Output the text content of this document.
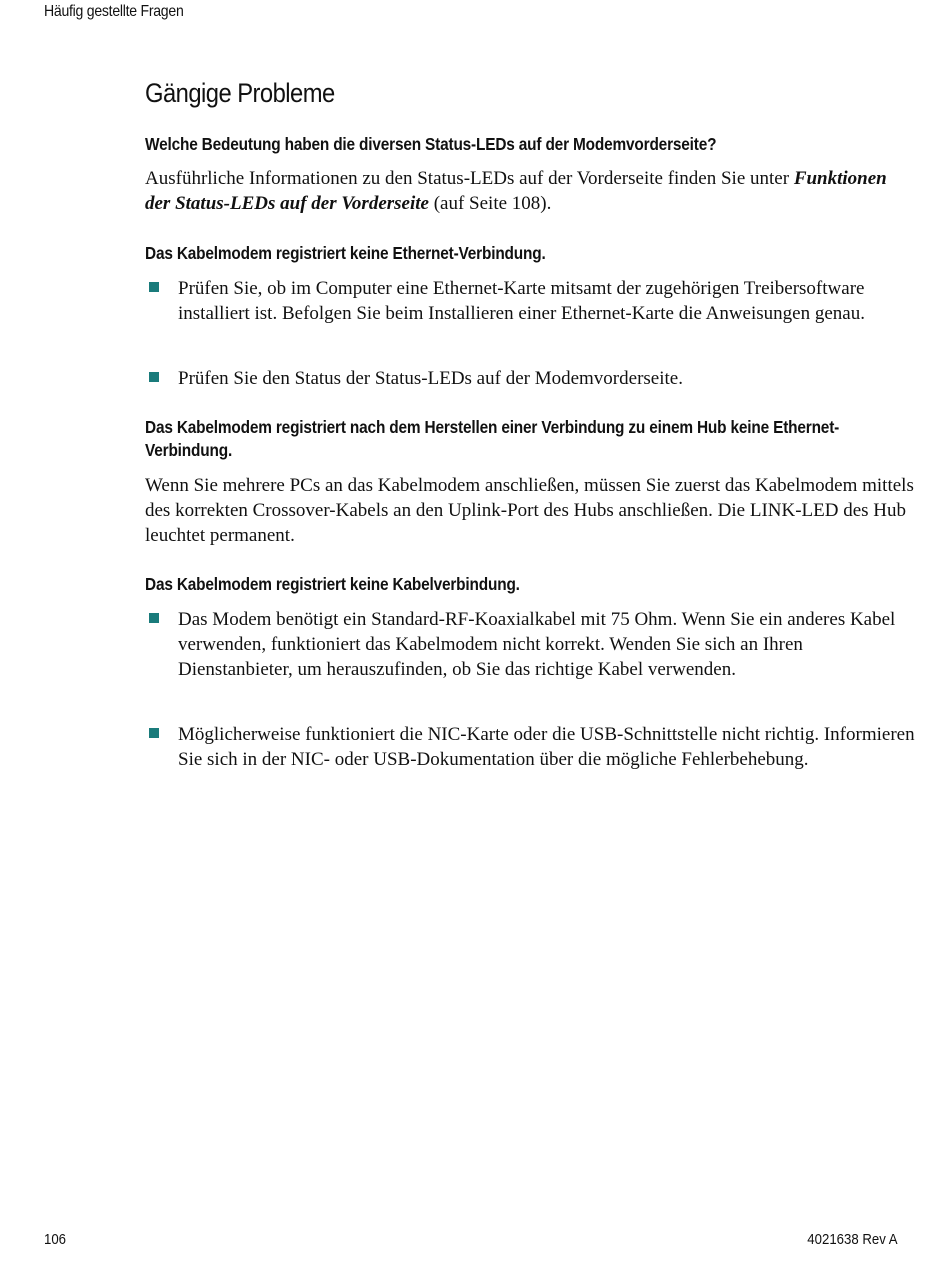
Häufig gestellte Fragen
Gängige Probleme
Welche Bedeutung haben die diversen Status-LEDs auf der Modemvorderseite?
Ausführliche Informationen zu den Status-LEDs auf der Vorderseite finden Sie unter Funktionen der Status-LEDs auf der Vorderseite (auf Seite 108).
Das Kabelmodem registriert keine Ethernet-Verbindung.
Prüfen Sie, ob im Computer eine Ethernet-Karte mitsamt der zugehörigen Treibersoftware installiert ist. Befolgen Sie beim Installieren einer Ethernet-Karte die Anweisungen genau.
Prüfen Sie den Status der Status-LEDs auf der Modemvorderseite.
Das Kabelmodem registriert nach dem Herstellen einer Verbindung zu einem Hub keine Ethernet-Verbindung.
Wenn Sie mehrere PCs an das Kabelmodem anschließen, müssen Sie zuerst das Kabelmodem mittels des korrekten Crossover-Kabels an den Uplink-Port des Hubs anschließen. Die LINK-LED des Hub leuchtet permanent.
Das Kabelmodem registriert keine Kabelverbindung.
Das Modem benötigt ein Standard-RF-Koaxialkabel mit 75 Ohm. Wenn Sie ein anderes Kabel verwenden, funktioniert das Kabelmodem nicht korrekt. Wenden Sie sich an Ihren Dienstanbieter, um herauszufinden, ob Sie das richtige Kabel verwenden.
Möglicherweise funktioniert die NIC-Karte oder die USB-Schnittstelle nicht richtig. Informieren Sie sich in der NIC- oder USB-Dokumentation über die mögliche Fehlerbehebung.
106	4021638 Rev A
